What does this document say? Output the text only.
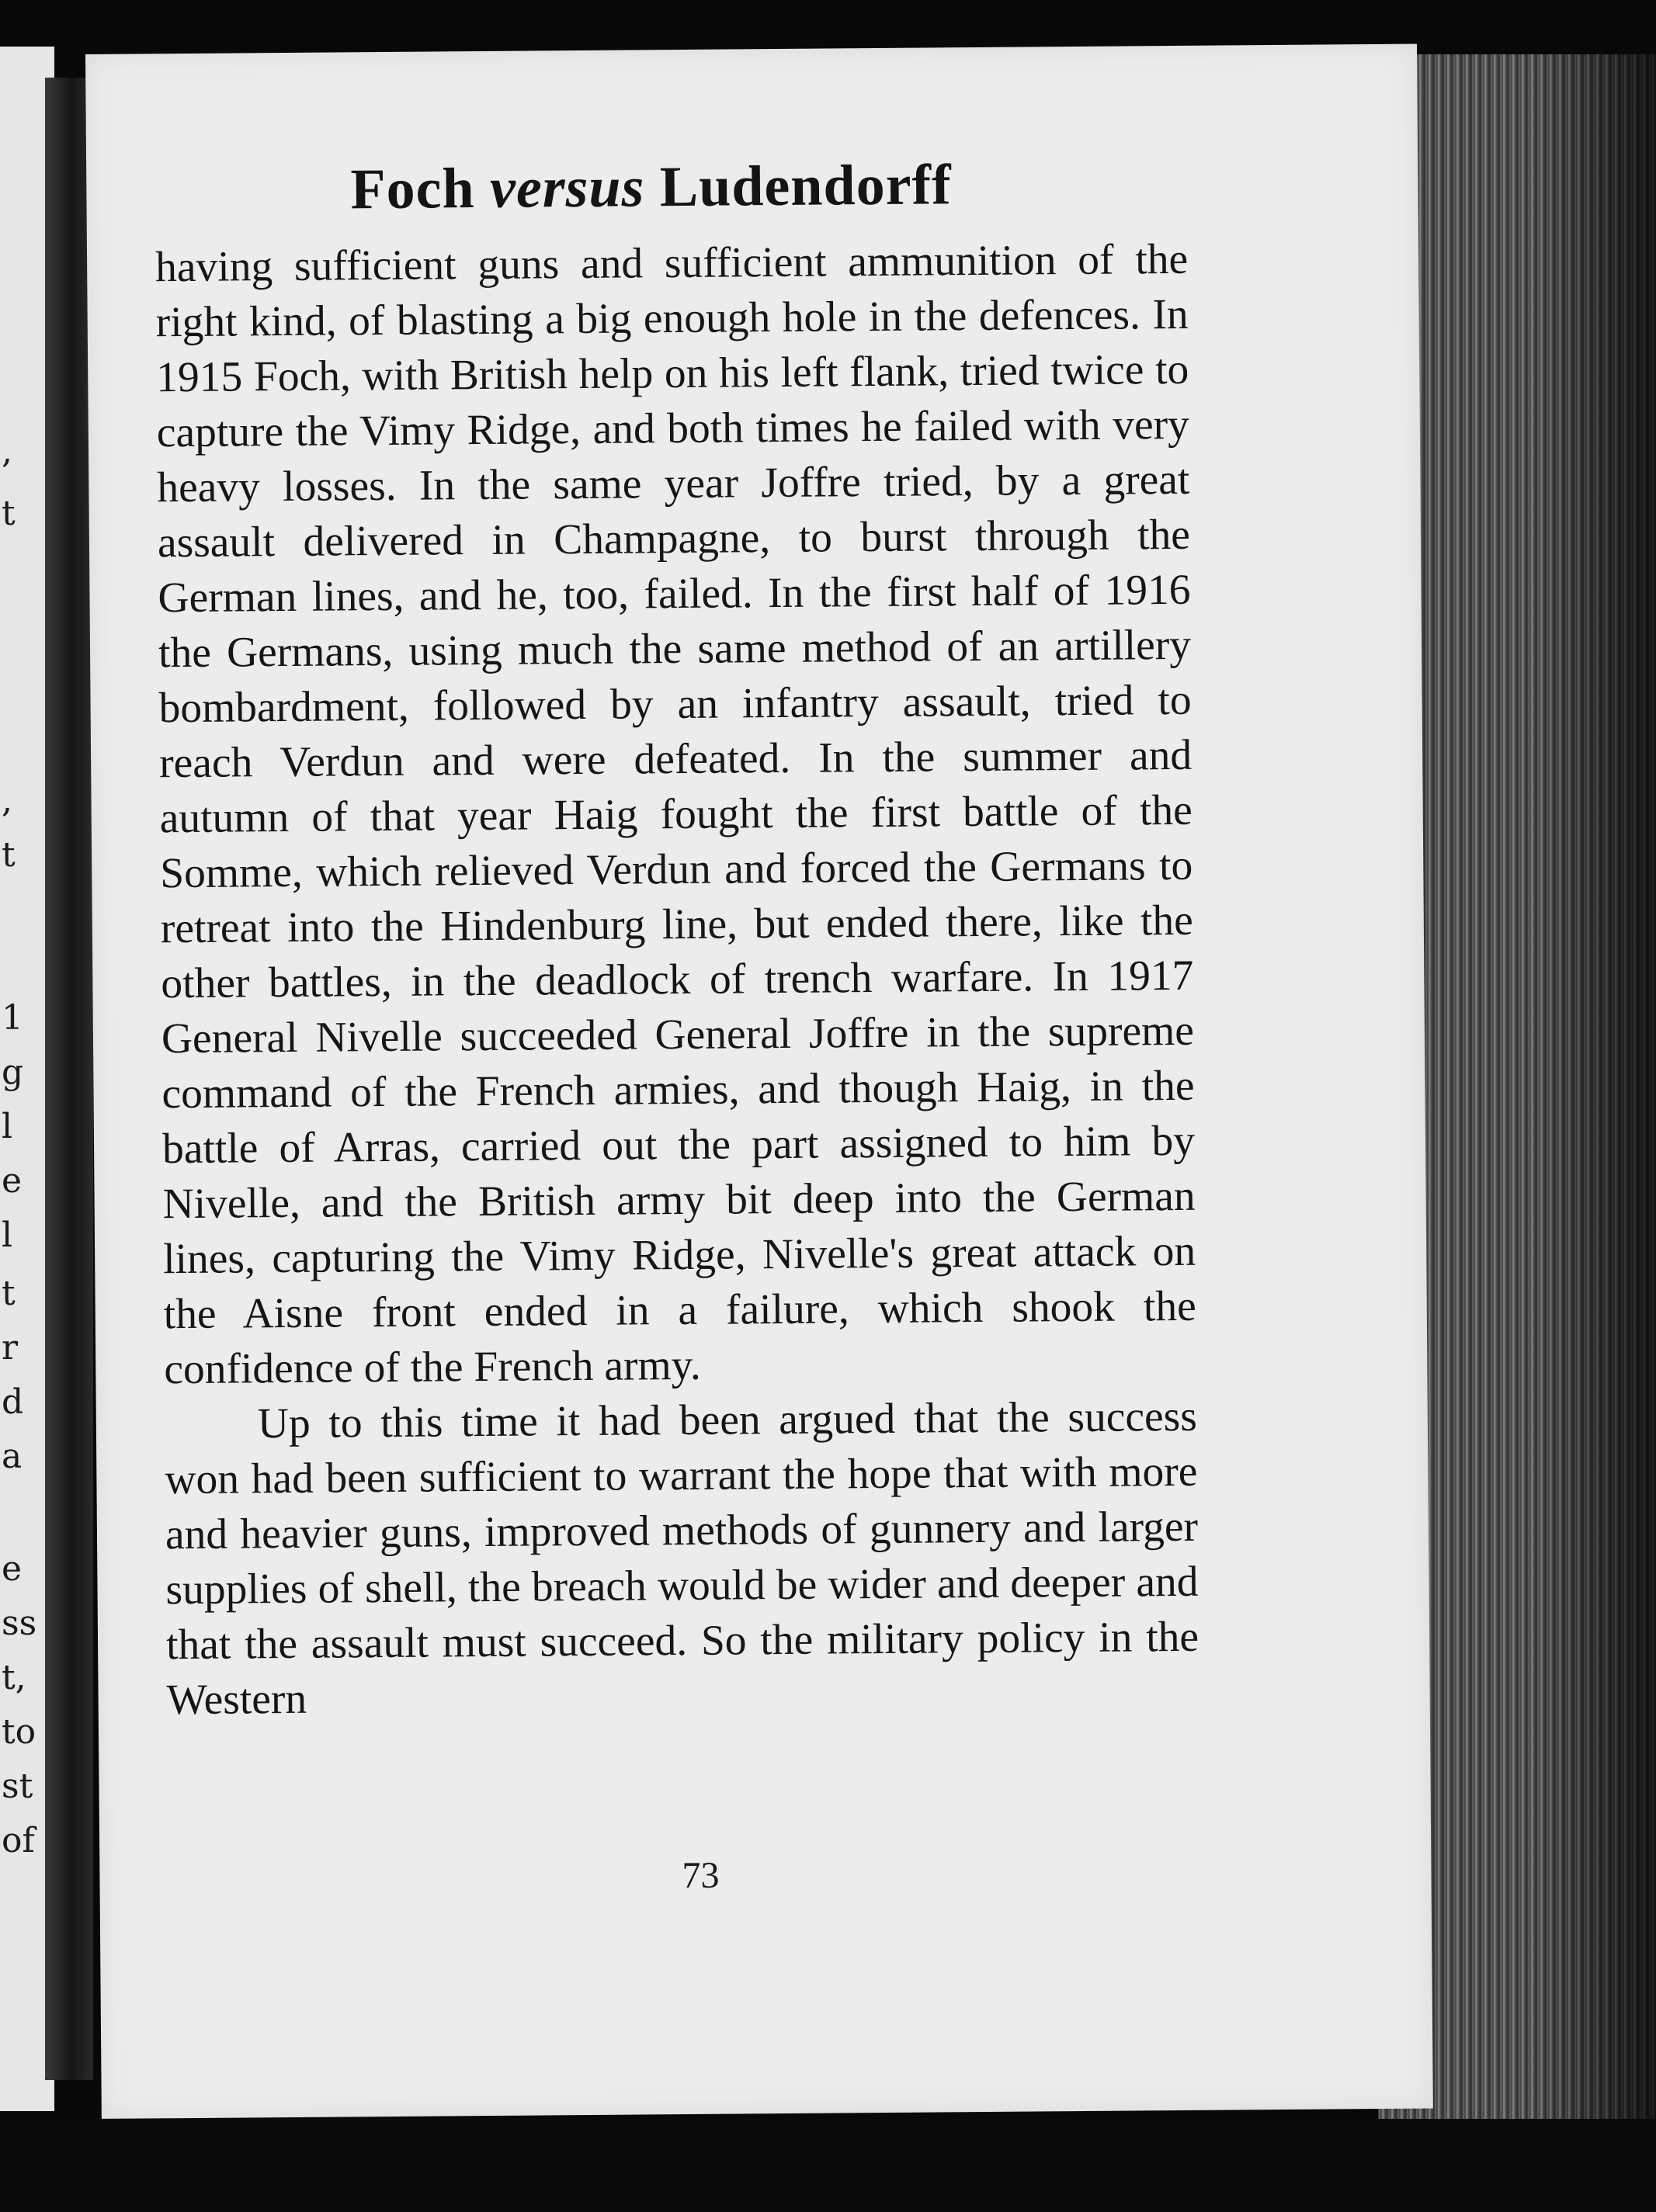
,
t
,
t
1
g
l
e
l
t
r
d
a
e
ss
t,
to
st
of
Foch versus Ludendorff

having sufficient guns and sufficient ammunition of the right kind, of blasting a big enough hole in the defences. In 1915 Foch, with British help on his left flank, tried twice to capture the Vimy Ridge, and both times he failed with very heavy losses. In the same year Joffre tried, by a great assault delivered in Champagne, to burst through the German lines, and he, too, failed. In the first half of 1916 the Germans, using much the same method of an artillery bombardment, followed by an infantry assault, tried to reach Verdun and were defeated. In the summer and autumn of that year Haig fought the first battle of the Somme, which relieved Verdun and forced the Germans to retreat into the Hindenburg line, but ended there, like the other battles, in the deadlock of trench warfare. In 1917 General Nivelle succeeded General Joffre in the supreme command of the French armies, and though Haig, in the battle of Arras, carried out the part assigned to him by Nivelle, and the British army bit deep into the German lines, capturing the Vimy Ridge, Nivelle's great attack on the Aisne front ended in a failure, which shook the confidence of the French army.

Up to this time it had been argued that the success won had been sufficient to warrant the hope that with more and heavier guns, improved methods of gunnery and larger supplies of shell, the breach would be wider and deeper and that the assault must succeed. So the military policy in the Western

73
